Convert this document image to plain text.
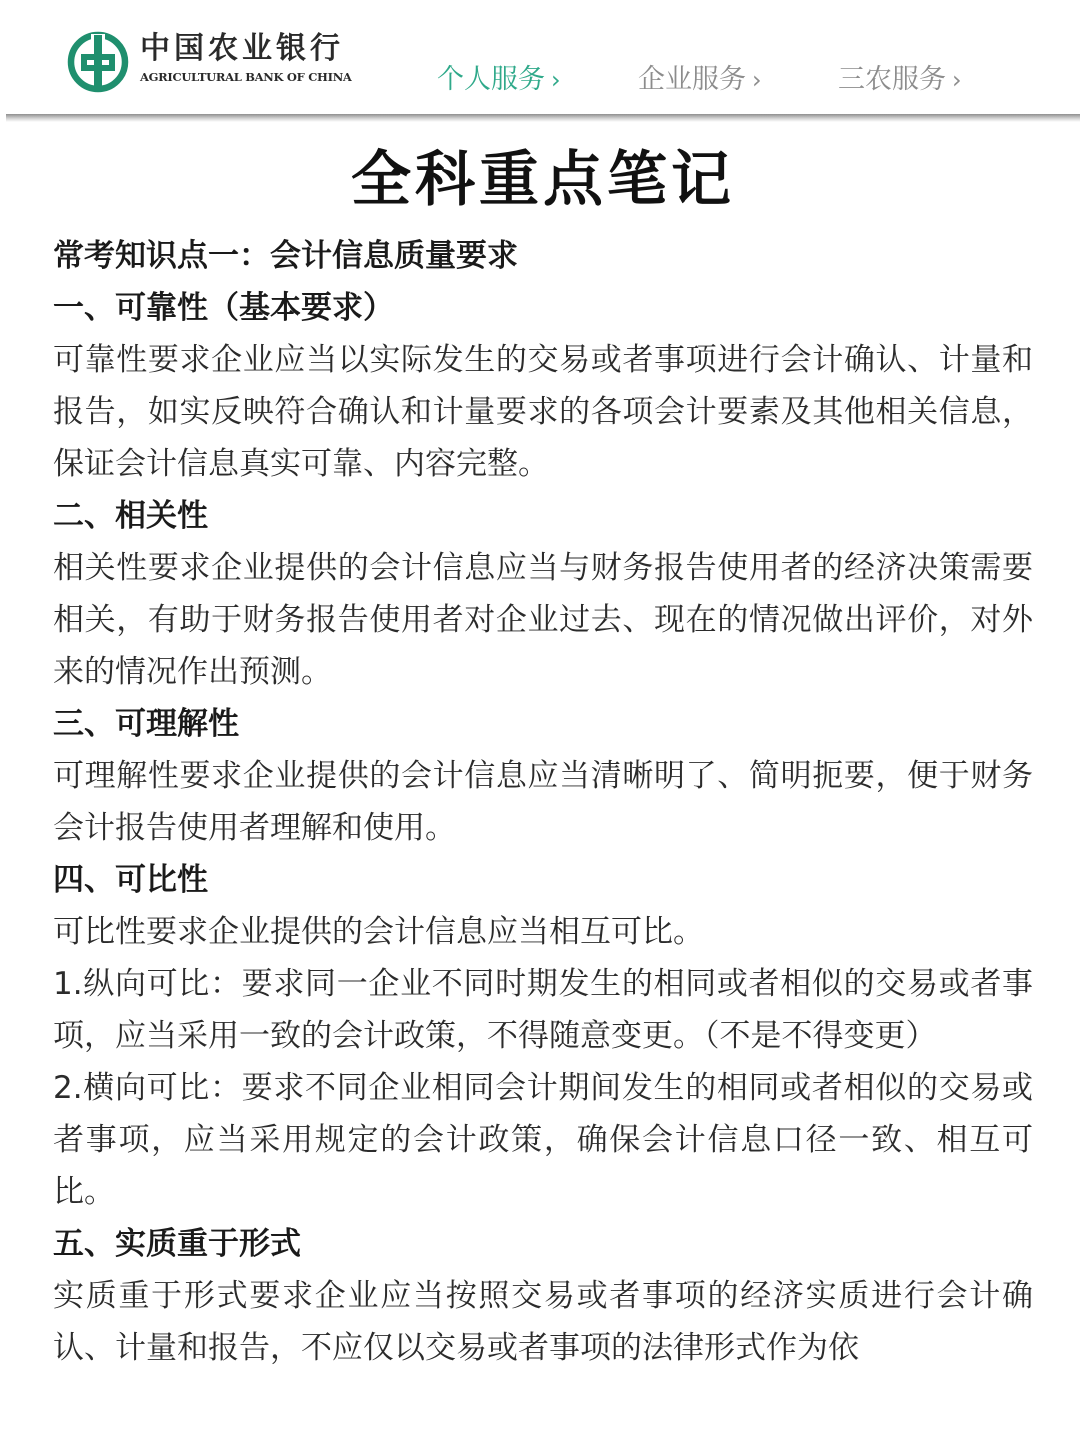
中国农业银行
AGRICULTURAL BANK OF CHINA	个人服务 ›	企业服务 ›	三农服务 ›
全科重点笔记

常考知识点一：会计信息质量要求

一、可靠性（基本要求）

可靠性要求企业应当以实际发生的交易或者事项进行会计确认、计量和报告，如实反映符合确认和计量要求的各项会计要素及其他相关信息，保证会计信息真实可靠、内容完整。

二、相关性

相关性要求企业提供的会计信息应当与财务报告使用者的经济决策需要相关，有助于财务报告使用者对企业过去、现在的情况做出评价，对外来的情况作出预测。

三、可理解性

可理解性要求企业提供的会计信息应当清晰明了、简明扼要，便于财务会计报告使用者理解和使用。

四、可比性

可比性要求企业提供的会计信息应当相互可比。

1.纵向可比：要求同一企业不同时期发生的相同或者相似的交易或者事项，应当采用一致的会计政策，不得随意变更。（不是不得变更）

2.横向可比：要求不同企业相同会计期间发生的相同或者相似的交易或者事项，应当采用规定的会计政策，确保会计信息口径一致、相互可比。

五、实质重于形式

实质重于形式要求企业应当按照交易或者事项的经济实质进行会计确认、计量和报告，不应仅以交易或者事项的法律形式作为依
